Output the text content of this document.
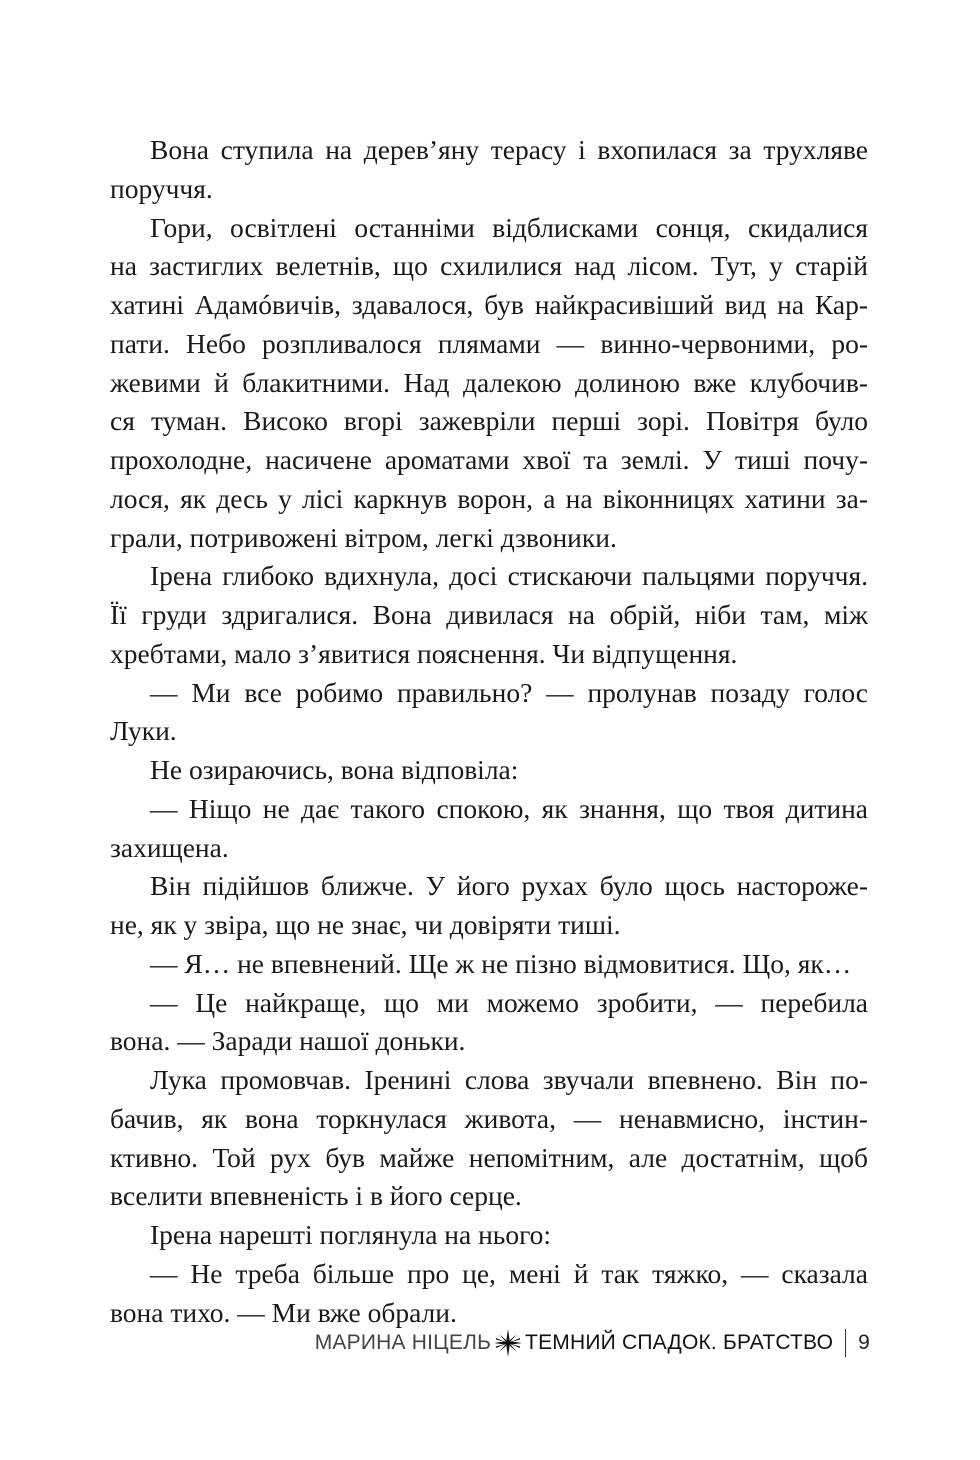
Вона ступила на дерев’яну терасу і вхопилася за трухляве
поруччя.
Гори, освітлені останніми відблисками сонця, скидалися
на застиглих велетнів, що схилилися над лісом. Тут, у старій
хатині Адамóвичів, здавалося, був найкрасивіший вид на Кар-
пати. Небо розпливалося плямами — винно-червоними, ро-
жевими й блакитними. Над далекою долиною вже клубочив-
ся туман. Високо вгорі зажевріли перші зорі. Повітря було
прохолодне, насичене ароматами хвої та землі. У тиші почу-
лося, як десь у лісі каркнув ворон, а на віконницях хатини за-
грали, потривожені вітром, легкі дзвоники.
Ірена глибоко вдихнула, досі стискаючи пальцями поруччя.
Її груди здригалися. Вона дивилася на обрій, ніби там, між
хребтами, мало з’явитися пояснення. Чи відпущення.
— Ми все робимо правильно? — пролунав позаду голос
Луки.
Не озираючись, вона відповіла:
— Ніщо не дає такого спокою, як знання, що твоя дитина
захищена.
Він підійшов ближче. У його рухах було щось настороже-
не, як у звіра, що не знає, чи довіряти тиші.
— Я… не впевнений. Ще ж не пізно відмовитися. Що, як…
— Це найкраще, що ми можемо зробити, — перебила
вона. — Заради нашої доньки.
Лука промовчав. Іренині слова звучали впевнено. Він по-
бачив, як вона торкнулася живота, — ненавмисно, інстин-
ктивно. Той рух був майже непомітним, але достатнім, щоб
вселити впевненість і в його серце.
Ірена нарешті поглянула на нього:
— Не треба більше про це, мені й так тяжко, — сказала
вона тихо. — Ми вже обрали.
МАРИНА НІЦЕЛЬ ТЕМНИЙ СПАДОК. БРАТСТВО 9
